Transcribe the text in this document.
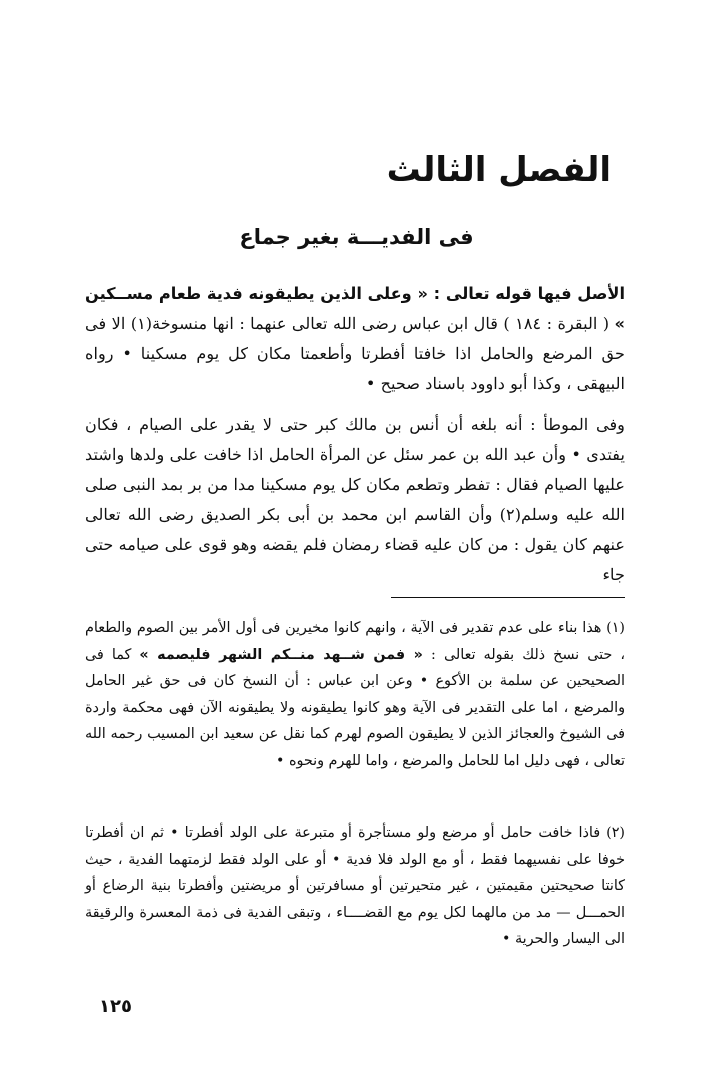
الفصل الثالث
فى الفديـــة بغير جماع
الأصل فيها قوله تعالى : « وعلى الذين يطيقونه فدية طعام مســكين » ( البقرة : ١٨٤ ) قال ابن عباس رضى الله تعالى عنهما : انها منسوخة(١) الا فى حق المرضع والحامل اذا خافتا أفطرتا وأطعمتا مكان كل يوم مسكينا • رواه البيهقى ، وكذا أبو داوود باسناد صحيح •
وفى الموطأ : أنه بلغه أن أنس بن مالك كبر حتى لا يقدر على الصيام ، فكان يفتدى • وأن عبد الله بن عمر سئل عن المرأة الحامل اذا خافت على ولدها واشتد عليها الصيام فقال : تفطر وتطعم مكان كل يوم مسكينا مدا من بر بمد النبى صلى الله عليه وسلم(٢) وأن القاسم ابن محمد بن أبى بكر الصديق رضى الله تعالى عنهم كان يقول : من كان عليه قضاء رمضان فلم يقضه وهو قوى على صيامه حتى جاء
(١) هذا بناء على عدم تقدير فى الآية ، وانهم كانوا مخيرين فى أول الأمر بين الصوم والطعام ، حتى نسخ ذلك بقوله تعالى : « فمن شــهد منــكم الشهر فليصمه » كما فى الصحيحين عن سلمة بن الأكوع • وعن ابن عباس : أن النسخ كان فى حق غير الحامل والمرضع ، اما على التقدير فى الآية وهو كانوا يطيقونه ولا يطيقونه الآن فهى محكمة واردة فى الشيوخ والعجائز الذين لا يطيقون الصوم لهرم كما نقل عن سعيد ابن المسيب رحمه الله تعالى ، فهى دليل اما للحامل والمرضع ، واما للهرم ونحوه •
(٢) فاذا خافت حامل أو مرضع ولو مستأجرة أو متبرعة على الولد أفطرتا • ثم ان أفطرتا خوفا على نفسيهما فقط ، أو مع الولد فلا فدية • أو على الولد فقط لزمتهما الفدية ، حيث كانتا صحيحتين مقيمتين ، غير متحيرتين أو مسافرتين أو مريضتين وأفطرتا بنية الرضاع أو الحمـــل — مد من مالهما لكل يوم مع القضــــاء ، وتبقى الفدية فى ذمة المعسرة والرقيقة الى اليسار والحرية •
١٢٥
